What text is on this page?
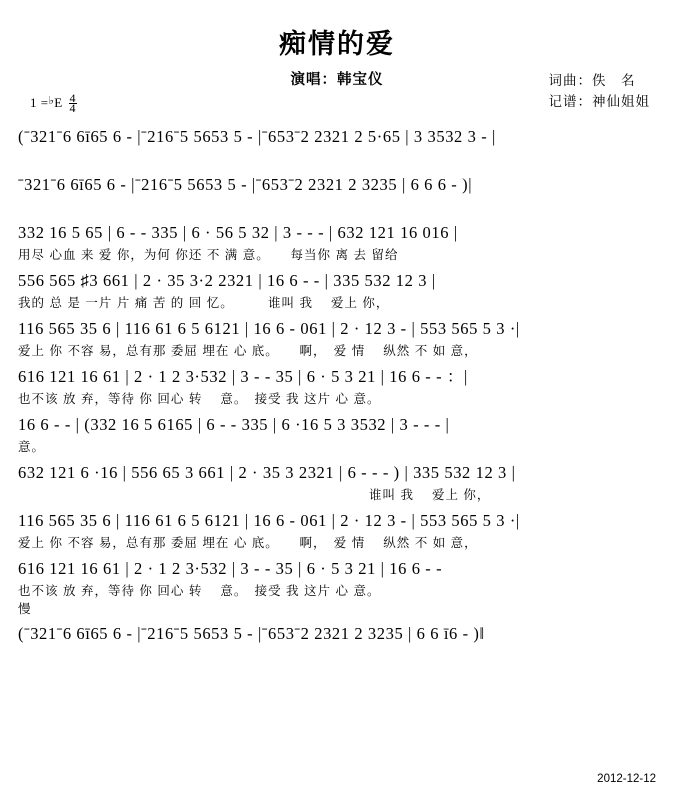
痴情的爱
演唱：韩宝仪	词曲：佚　名
记谱：神仙姐姐
$1 =^♭E \frac{4}{4}$
(ˉ321ˉ6 6ī65 6 - |ˉ216ˉ5 5653 5 - |ˉ653ˉ2 2321 2 5·65 | 3 3532 3 - |
ˉ321ˉ6 6ī65 6 - |ˉ216ˉ5 5653 5 - |ˉ653ˉ2 2321 2 3235 | 6 6 6 - )|
332 16 5 65 | 6 - - 335 | 6 · 56 5 32 | 3 - - - | 632 121 16 016 |
用尽 心血 来 爱 你，为何 你还 不 满 意。　　每当你 离 去 留给
556 565 ♯3 661 | 2 · 35 3·2 2321 | 16 6 - - | 335 532 12 3 |
我的 总 是 一片 片 痛 苦 的 回 忆。　　　谁叫 我 　爱上 你，
116 565 35 6 | 116 61 6 5 6121 | 16 6 - 061 | 2 · 12 3 - | 553 565 5 3 ·|
爱上 你 不容 易，总有那 委屈 埋在 心 底。　　啊，　爱 情　 纵然 不 如 意，
616 121 16 61 | 2 · 1 2 3·532 | 3 - - 35 | 6 · 5 3 21 | 16 6 - - ：|
也不该 放 弃，等待 你 回心 转 　意。　接受 我 这片 心 意。
16 6 - - | (332 16 5 6165 | 6 - - 335 | 6 ·16 5 3 3532 | 3 - - - |
意。
632 121 6 ·16 | 556 65 3 661 | 2 · 35 3 2321 | 6 - - - ) | 335 532 12 3 |
　　　　　　　　　　　　　　　　　　　　　　　　　　谁叫 我 　爱上 你，
116 565 35 6 | 116 61 6 5 6121 | 16 6 - 061 | 2 · 12 3 - | 553 565 5 3 ·|
爱上 你 不容 易，总有那 委屈 埋在 心 底。　　啊，　爱 情　 纵然 不 如 意，
616 121 16 61 | 2 · 1 2 3·532 | 3 - - 35 | 6 · 5 3 21 | 16 6 - -
也不该 放 弃，等待 你 回心 转 　意。　接受 我 这片 心 意。
慢
(ˉ321ˉ6 6ī65 6 - |ˉ216ˉ5 5653 5 - |ˉ653ˉ2 2321 2 3235 | 6 6 ī6 - )‖
2012-12-12
